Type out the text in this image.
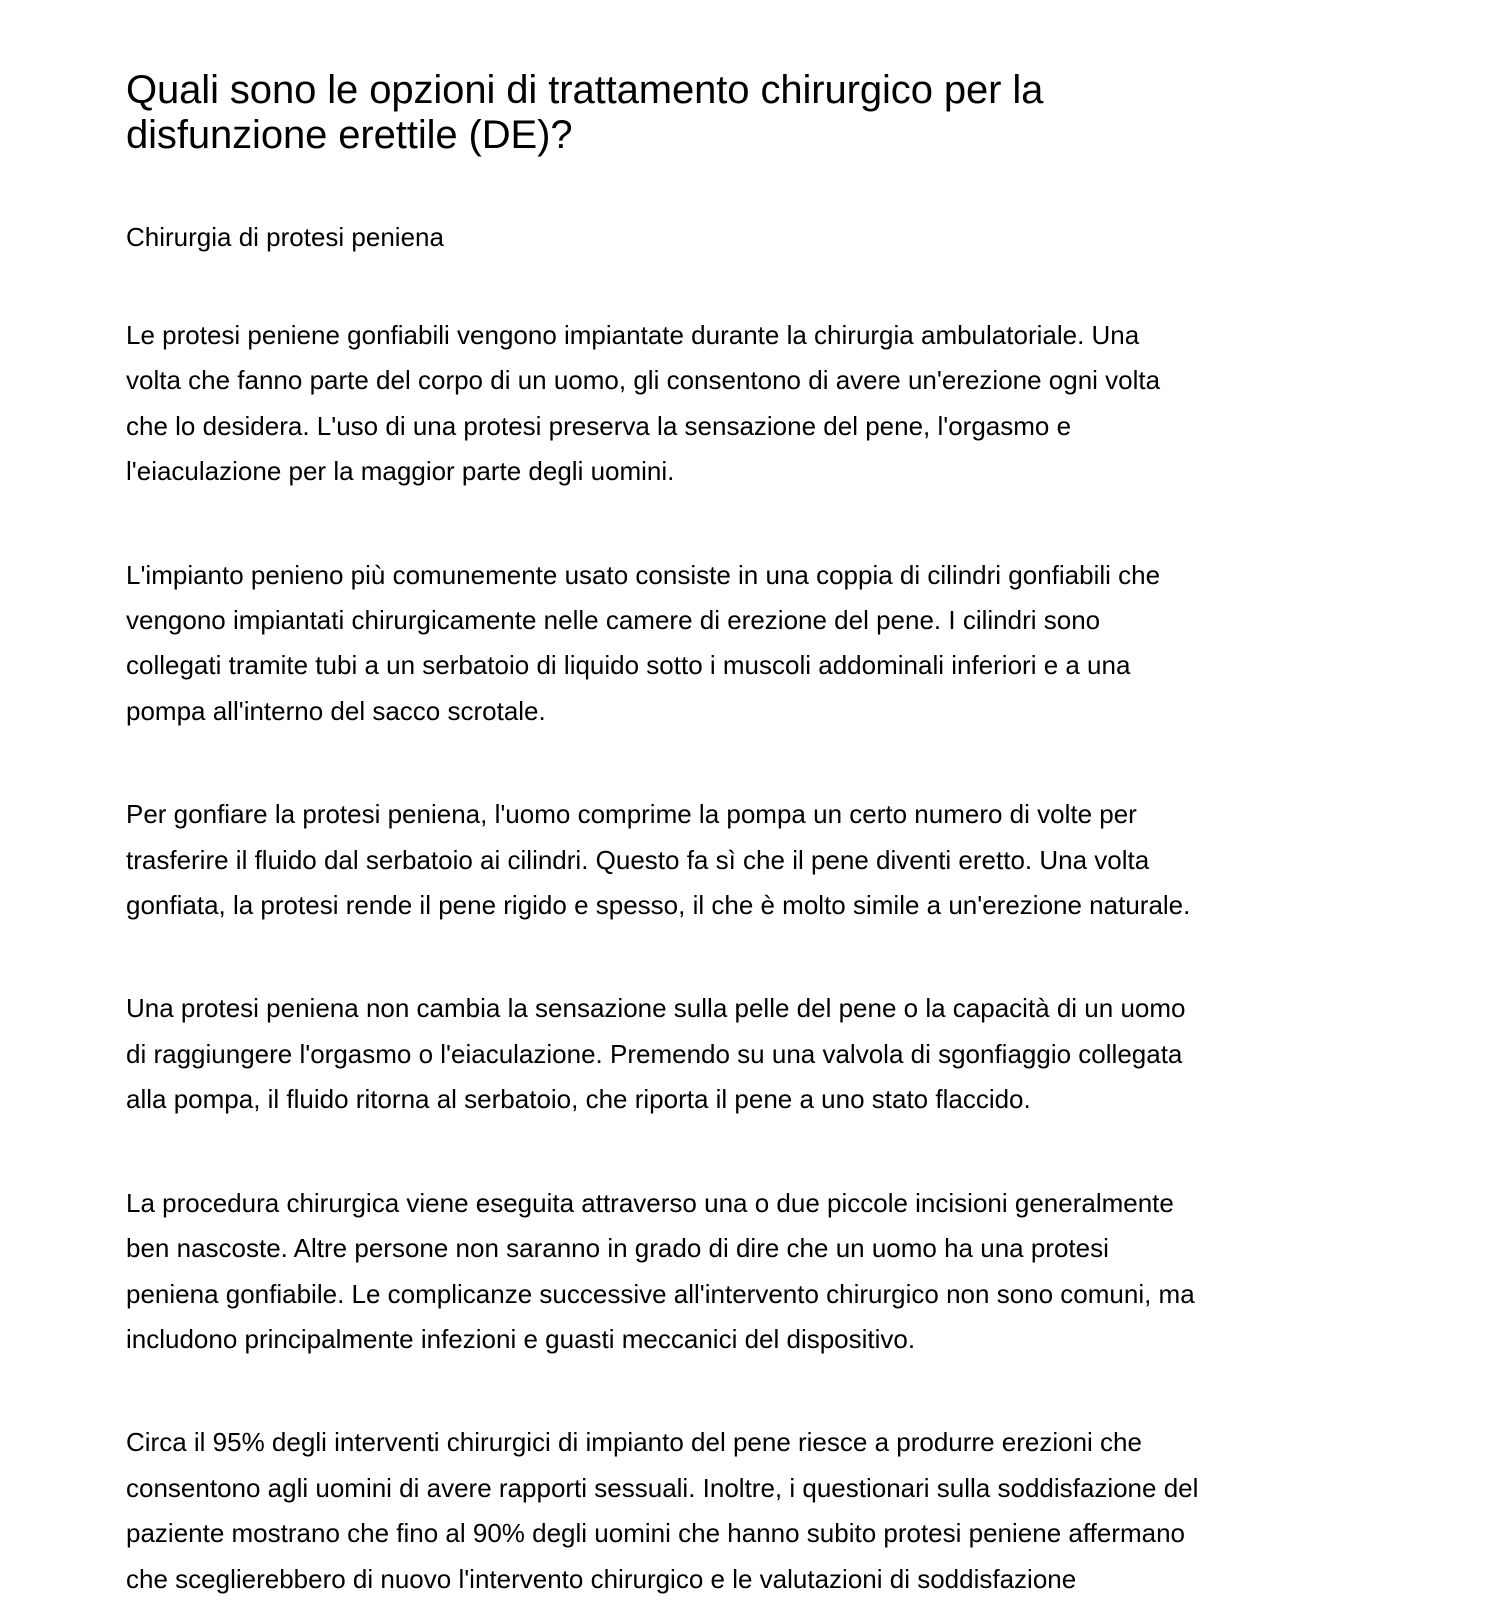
Quali sono le opzioni di trattamento chirurgico per la
disfunzione erettile (DE)?

Chirurgia di protesi peniena

Le protesi peniene gonfiabili vengono impiantate durante la chirurgia ambulatoriale. Una
volta che fanno parte del corpo di un uomo, gli consentono di avere un'erezione ogni volta
che lo desidera. L'uso di una protesi preserva la sensazione del pene, l'orgasmo e
l'eiaculazione per la maggior parte degli uomini.

L'impianto penieno più comunemente usato consiste in una coppia di cilindri gonfiabili che
vengono impiantati chirurgicamente nelle camere di erezione del pene. I cilindri sono
collegati tramite tubi a un serbatoio di liquido sotto i muscoli addominali inferiori e a una
pompa all'interno del sacco scrotale.

Per gonfiare la protesi peniena, l'uomo comprime la pompa un certo numero di volte per
trasferire il fluido dal serbatoio ai cilindri. Questo fa sì che il pene diventi eretto. Una volta
gonfiata, la protesi rende il pene rigido e spesso, il che è molto simile a un'erezione naturale.

Una protesi peniena non cambia la sensazione sulla pelle del pene o la capacità di un uomo
di raggiungere l'orgasmo o l'eiaculazione. Premendo su una valvola di sgonfiaggio collegata
alla pompa, il fluido ritorna al serbatoio, che riporta il pene a uno stato flaccido.

La procedura chirurgica viene eseguita attraverso una o due piccole incisioni generalmente
ben nascoste. Altre persone non saranno in grado di dire che un uomo ha una protesi
peniena gonfiabile. Le complicanze successive all'intervento chirurgico non sono comuni, ma
includono principalmente infezioni e guasti meccanici del dispositivo.

Circa il 95% degli interventi chirurgici di impianto del pene riesce a produrre erezioni che
consentono agli uomini di avere rapporti sessuali. Inoltre, i questionari sulla soddisfazione del
paziente mostrano che fino al 90% degli uomini che hanno subito protesi peniene affermano
che sceglierebbero di nuovo l'intervento chirurgico e le valutazioni di soddisfazione
